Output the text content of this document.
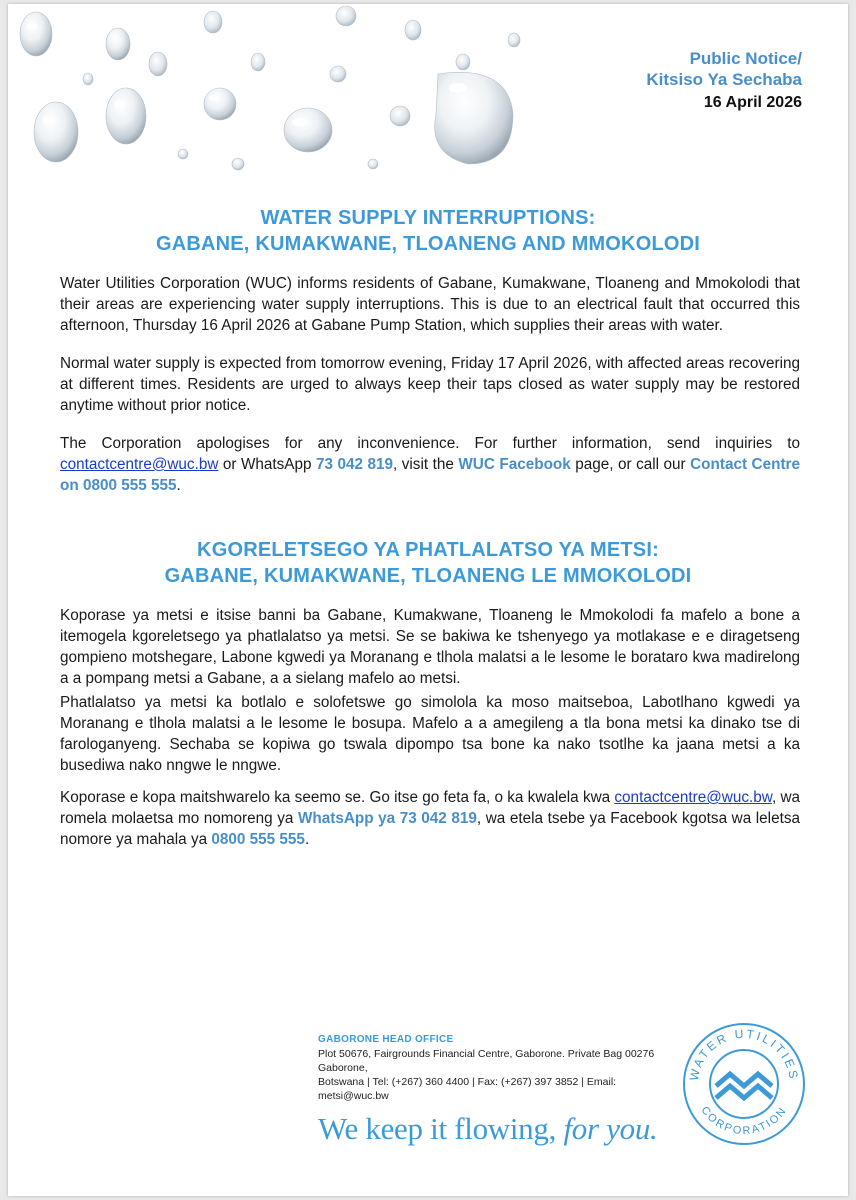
Public Notice/
Kitsiso Ya Sechaba
16 April 2026
WATER SUPPLY INTERRUPTIONS:
GABANE, KUMAKWANE, TLOANENG AND MMOKOLODI

Water Utilities Corporation (WUC) informs residents of Gabane, Kumakwane, Tloaneng and Mmokolodi that their areas are experiencing water supply interruptions. This is due to an electrical fault that occurred this afternoon, Thursday 16 April 2026 at Gabane Pump Station, which supplies their areas with water.

Normal water supply is expected from tomorrow evening, Friday 17 April 2026, with affected areas recovering at different times. Residents are urged to always keep their taps closed as water supply may be restored anytime without prior notice.

The Corporation apologises for any inconvenience. For further information, send inquiries to contactcentre@wuc.bw or WhatsApp 73 042 819, visit the WUC Facebook page, or call our Contact Centre on 0800 555 555.

KGORELETSEGO YA PHATLALATSO YA METSI:
GABANE, KUMAKWANE, TLOANENG LE MMOKOLODI

Koporase ya metsi e itsise banni ba Gabane, Kumakwane, Tloaneng le Mmokolodi fa mafelo a bone a itemogela kgoreletsego ya phatlalatso ya metsi. Se se bakiwa ke tshenyego ya motlakase e e diragetseng gompieno motshegare, Labone kgwedi ya Moranang e tlhola malatsi a le lesome le borataro kwa madirelong a a pompang metsi a Gabane, a a sielang mafelo ao metsi.

Phatlalatso ya metsi ka botlalo e solofetswe go simolola ka moso maitseboa, Labotlhano kgwedi ya Moranang e tlhola malatsi a le lesome le bosupa. Mafelo a a amegileng a tla bona metsi ka dinako tse di farologanyeng. Sechaba se kopiwa go tswala dipompo tsa bone ka nako tsotlhe ka jaana metsi a ka busediwa nako nngwe le nngwe.

Koporase e kopa maitshwarelo ka seemo se. Go itse go feta fa, o ka kwalela kwa contactcentre@wuc.bw, wa romela molaetsa mo nomoreng ya WhatsApp ya 73 042 819, wa etela tsebe ya Facebook kgotsa wa leletsa nomore ya mahala ya 0800 555 555.

GABORONE HEAD OFFICE
Plot 50676, Fairgrounds Financial Centre, Gaborone. Private Bag 00276 Gaborone,
Botswana | Tel: (+267) 360 4400 | Fax: (+267) 397 3852 | Email: metsi@wuc.bw
We keep it flowing, for you.
WATER UTILITIES
CORPORATION
